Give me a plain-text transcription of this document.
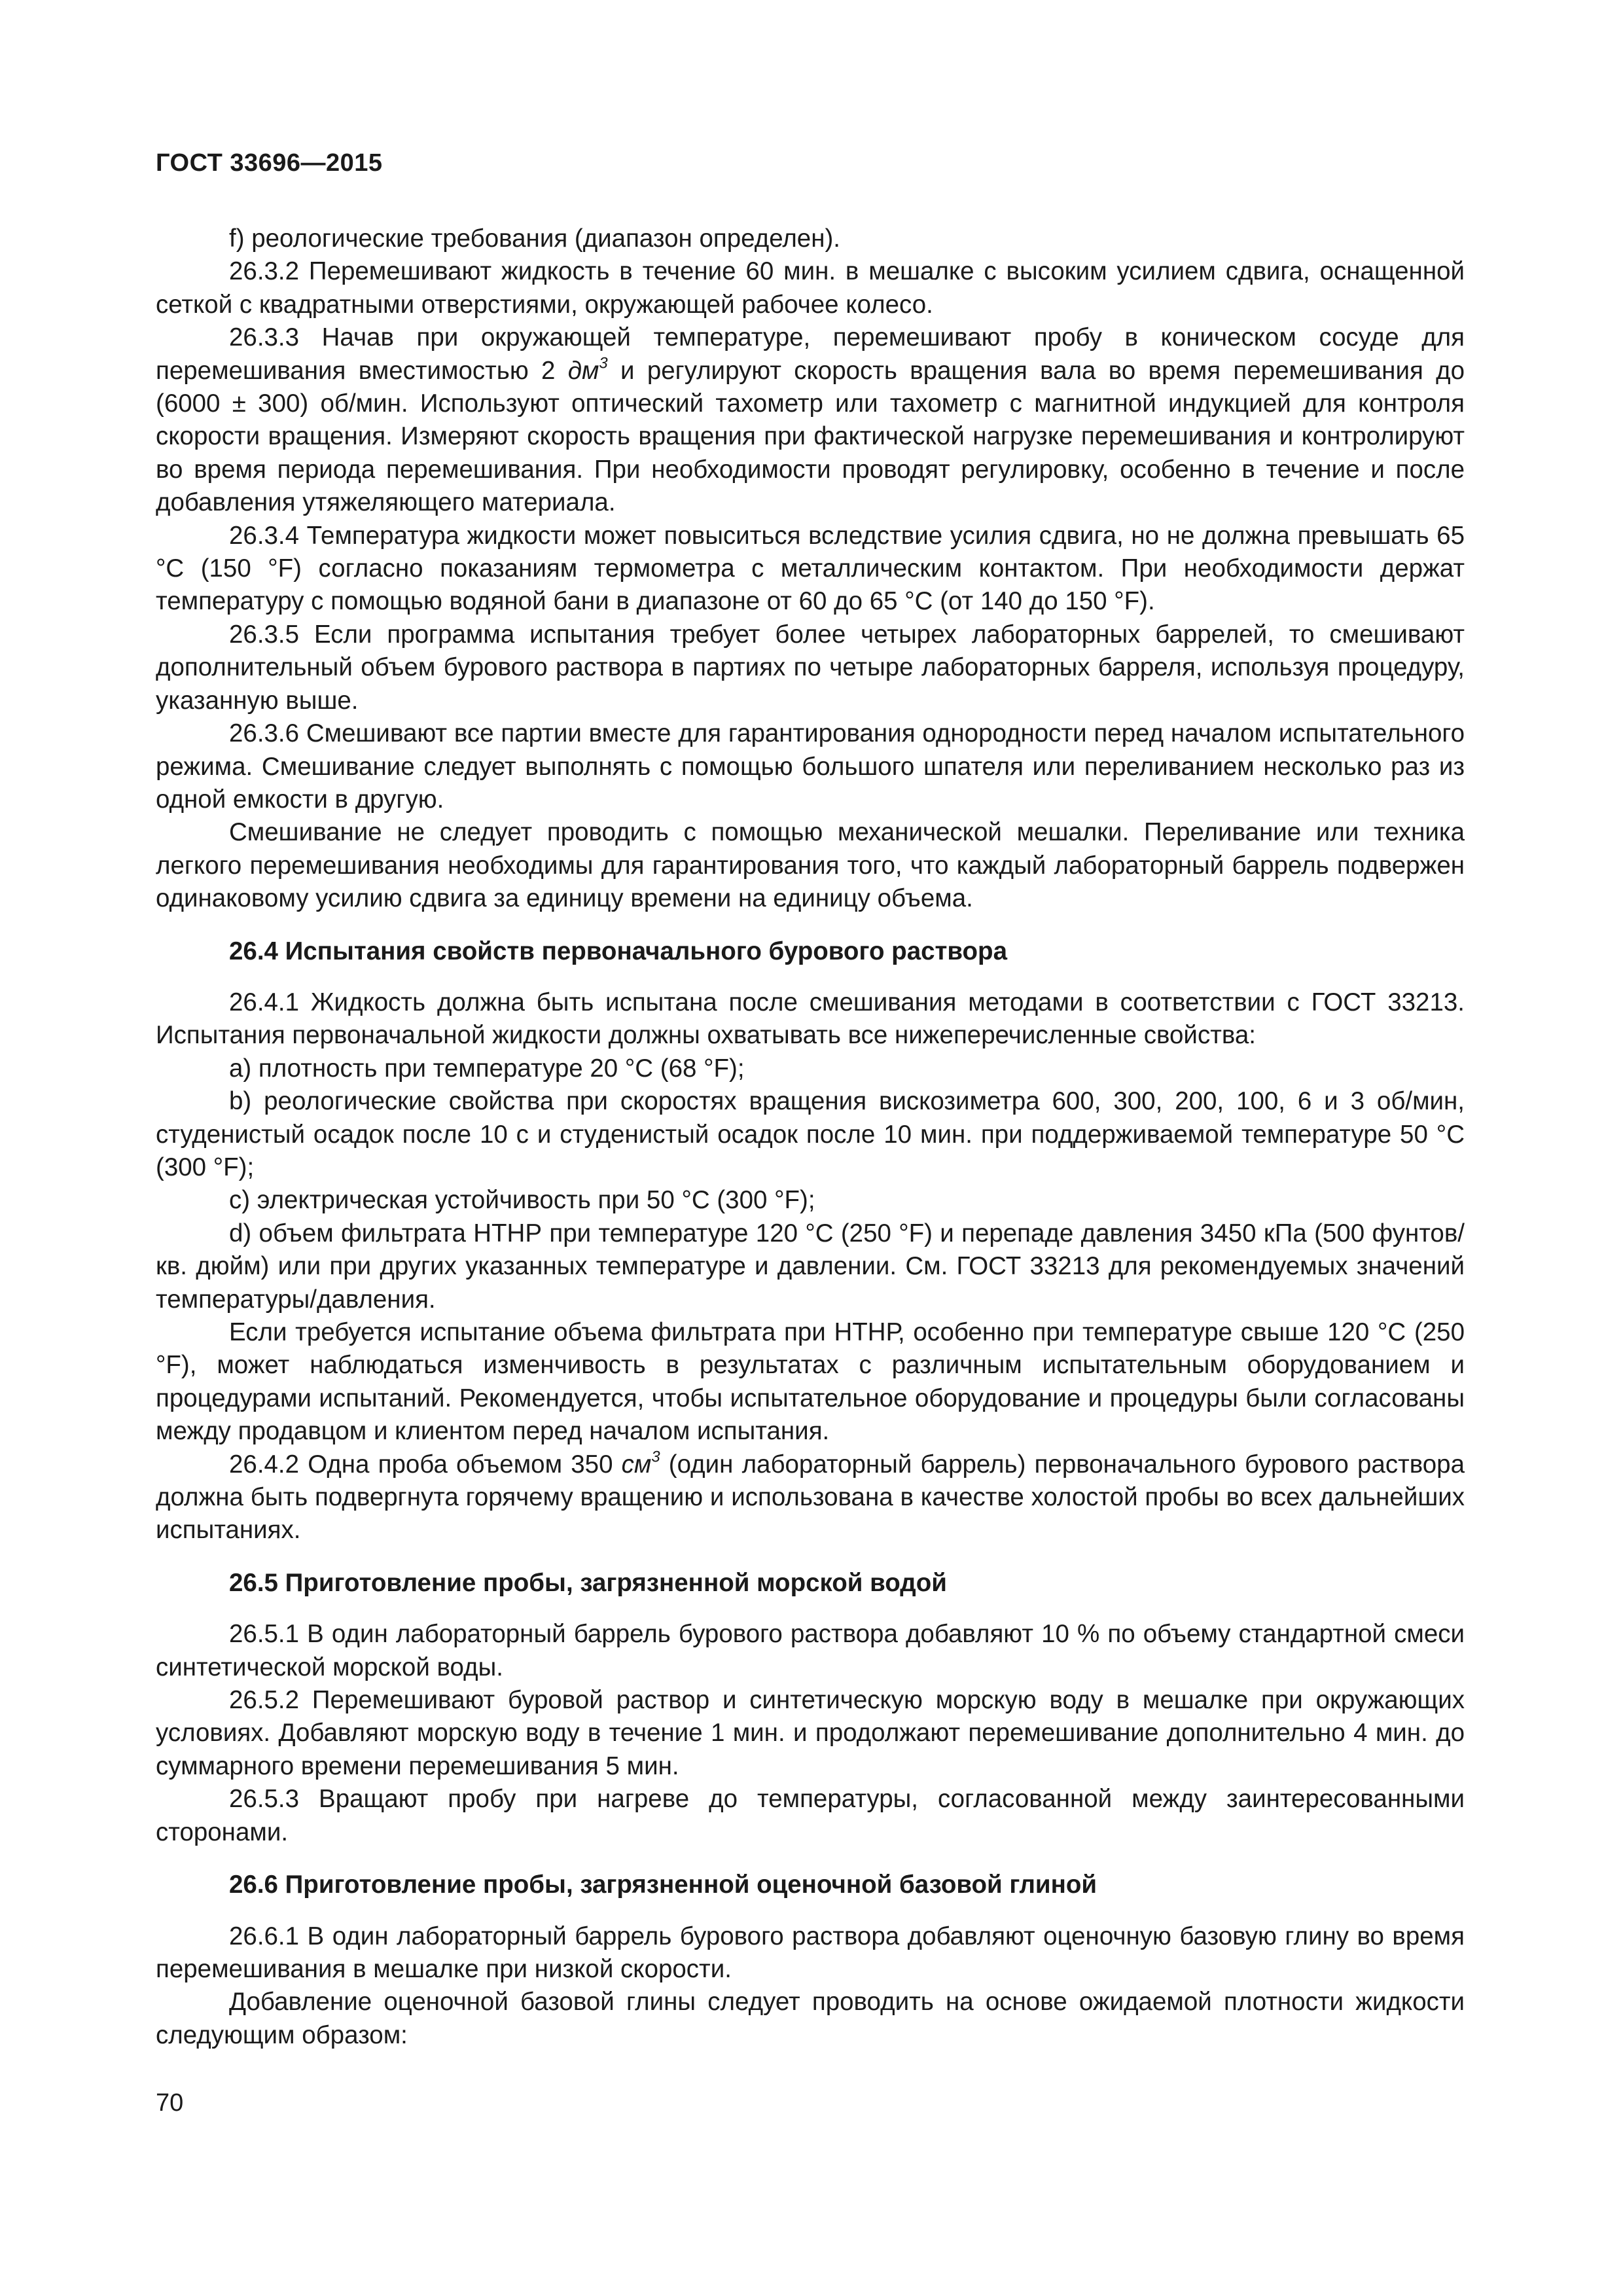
ГОСТ 33696—2015

f) реологические требования (диапазон определен).

26.3.2 Перемешивают жидкость в течение 60 мин. в мешалке с высоким усилием сдвига, оснащенной сеткой с квадратными отверстиями, окружающей рабочее колесо.

26.3.3 Начав при окружающей температуре, перемешивают пробу в коническом сосуде для перемешивания вместимостью 2 $дм^3$ и регулируют скорость вращения вала во время перемешивания до (6000 ± 300) об/мин. Используют оптический тахометр или тахометр с магнитной индукцией для контроля скорости вращения. Измеряют скорость вращения при фактической нагрузке перемешивания и контролируют во время периода перемешивания. При необходимости проводят регулировку, особенно в течение и после добавления утяжеляющего материала.

26.3.4 Температура жидкости может повыситься вследствие усилия сдвига, но не должна превышать 65 °С (150 °F) согласно показаниям термометра с металлическим контактом. При необходимости держат температуру с помощью водяной бани в диапазоне от 60 до 65 °С (от 140 до 150 °F).

26.3.5 Если программа испытания требует более четырех лабораторных баррелей, то смешивают дополнительный объем бурового раствора в партиях по четыре лабораторных барреля, используя процедуру, указанную выше.

26.3.6 Смешивают все партии вместе для гарантирования однородности перед началом испытательного режима. Смешивание следует выполнять с помощью большого шпателя или переливанием несколько раз из одной емкости в другую.

Смешивание не следует проводить с помощью механической мешалки. Переливание или техника легкого перемешивания необходимы для гарантирования того, что каждый лабораторный баррель подвержен одинаковому усилию сдвига за единицу времени на единицу объема.

26.4 Испытания свойств первоначального бурового раствора

26.4.1 Жидкость должна быть испытана после смешивания методами в соответствии с ГОСТ 33213. Испытания первоначальной жидкости должны охватывать все нижеперечисленные свойства:

a) плотность при температуре 20 °С (68 °F);

b) реологические свойства при скоростях вращения вискозиметра 600, 300, 200, 100, 6 и 3 об/мин, студенистый осадок после 10 с и студенистый осадок после 10 мин. при поддерживаемой температуре 50 °С (300 °F);

c) электрическая устойчивость при 50 °С (300 °F);

d) объем фильтрата НТНР при температуре 120 °С (250 °F) и перепаде давления 3450 кПа (500 фунтов/кв. дюйм) или при других указанных температуре и давлении. См. ГОСТ 33213 для рекомендуемых значений температуры/давления.

Если требуется испытание объема фильтрата при НТНР, особенно при температуре свыше 120 °С (250 °F), может наблюдаться изменчивость в результатах с различным испытательным оборудованием и процедурами испытаний. Рекомендуется, чтобы испытательное оборудование и процедуры были согласованы между продавцом и клиентом перед началом испытания.

26.4.2 Одна проба объемом 350 $см^3$ (один лабораторный баррель) первоначального бурового раствора должна быть подвергнута горячему вращению и использована в качестве холостой пробы во всех дальнейших испытаниях.

26.5 Приготовление пробы, загрязненной морской водой

26.5.1 В один лабораторный баррель бурового раствора добавляют 10 % по объему стандартной смеси синтетической морской воды.

26.5.2 Перемешивают буровой раствор и синтетическую морскую воду в мешалке при окружающих условиях. Добавляют морскую воду в течение 1 мин. и продолжают перемешивание дополнительно 4 мин. до суммарного времени перемешивания 5 мин.

26.5.3 Вращают пробу при нагреве до температуры, согласованной между заинтересованными сторонами.

26.6 Приготовление пробы, загрязненной оценочной базовой глиной

26.6.1 В один лабораторный баррель бурового раствора добавляют оценочную базовую глину во время перемешивания в мешалке при низкой скорости.

Добавление оценочной базовой глины следует проводить на основе ожидаемой плотности жидкости следующим образом:

70
